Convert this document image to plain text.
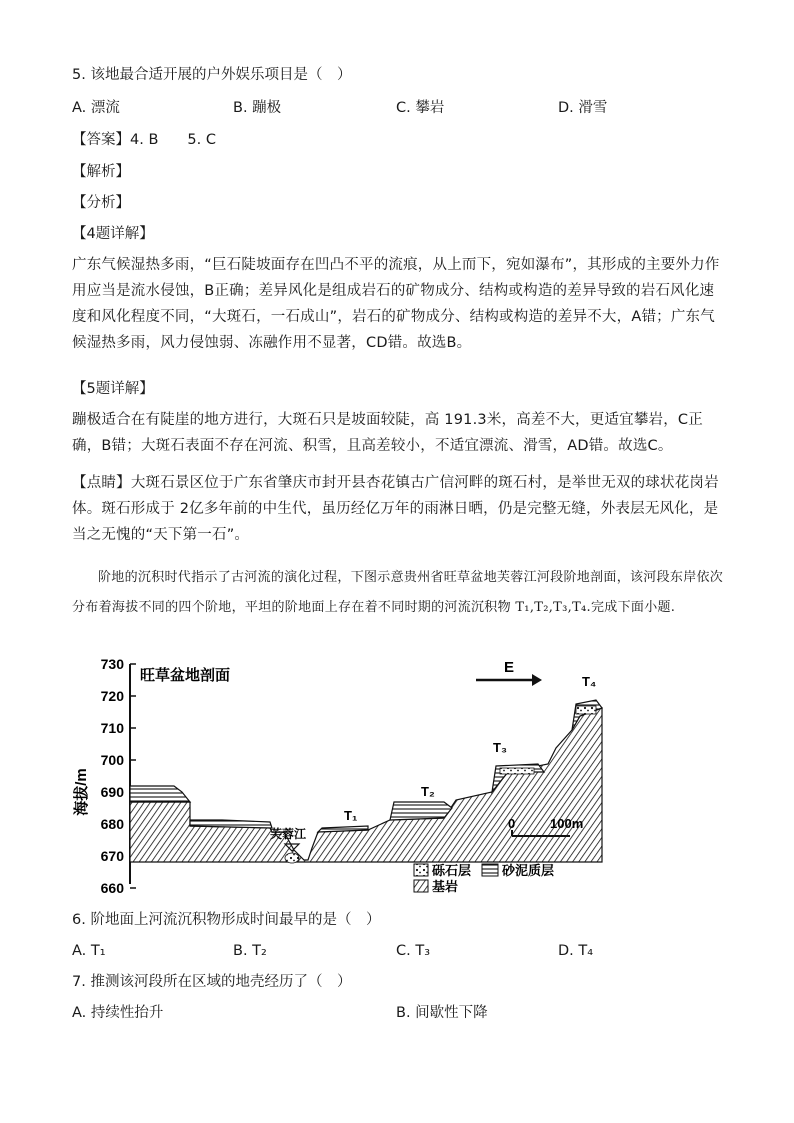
5. 该地最合适开展的户外娱乐项目是（　）
A. 漂流	B. 蹦极	C. 攀岩	D. 滑雪
【答案】4. B　　5. C
【解析】
【分析】
【4题详解】
广东气候湿热多雨，“巨石陡坡面存在凹凸不平的流痕，从上而下，宛如瀑布”，其形成的主要外力作用应当是流水侵蚀，B正确；差异风化是组成岩石的矿物成分、结构或构造的差异导致的岩石风化速度和风化程度不同，“大斑石，一石成山”，岩石的矿物成分、结构或构造的差异不大，A错；广东气候湿热多雨，风力侵蚀弱、冻融作用不显著，CD错。故选B。
【5题详解】
蹦极适合在有陡崖的地方进行，大斑石只是坡面较陡，高 191.3米，高差不大，更适宜攀岩，C正确，B错；大斑石表面不存在河流、积雪，且高差较小，不适宜漂流、滑雪，AD错。故选C。
【点睛】大斑石景区位于广东省肇庆市封开县杏花镇古广信河畔的斑石村，是举世无双的球状花岗岩体。斑石形成于 2亿多年前的中生代，虽历经亿万年的雨淋日晒，仍是完整无缝，外表层无风化，是当之无愧的“天下第一石”。
阶地的沉积时代指示了古河流的演化过程，下图示意贵州省旺草盆地芙蓉江河段阶地剖面，该河段东岸依次分布着海拔不同的四个阶地，平坦的阶地面上存在着不同时期的河流沉积物 T₁,T₂,T₃,T₄.完成下面小题.
730
720
710
700
690
680
670
660
海拔/m
旺草盆地剖面
芙蓉江
E
T₁
T₂
T₃
T₄
0	100m
砾石层 砂泥质层
基岩
6. 阶地面上河流沉积物形成时间最早的是（　）
A. T₁	B. T₂	C. T₃	D. T₄
7. 推测该河段所在区域的地壳经历了（　）
A. 持续性抬升	B. 间歇性下降
